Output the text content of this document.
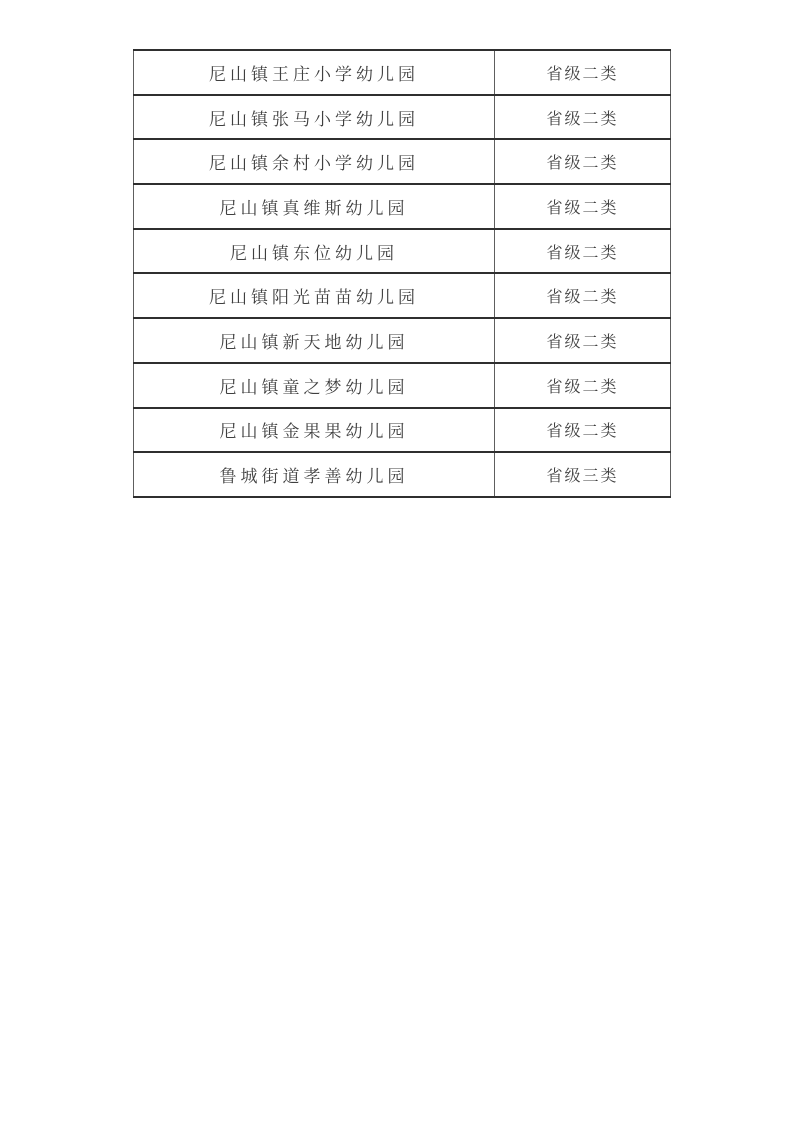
尼山镇王庄小学幼儿园	省级二类
尼山镇张马小学幼儿园	省级二类
尼山镇余村小学幼儿园	省级二类
尼山镇真维斯幼儿园	省级二类
尼山镇东位幼儿园	省级二类
尼山镇阳光苗苗幼儿园	省级二类
尼山镇新天地幼儿园	省级二类
尼山镇童之梦幼儿园	省级二类
尼山镇金果果幼儿园	省级二类
鲁城街道孝善幼儿园	省级三类
